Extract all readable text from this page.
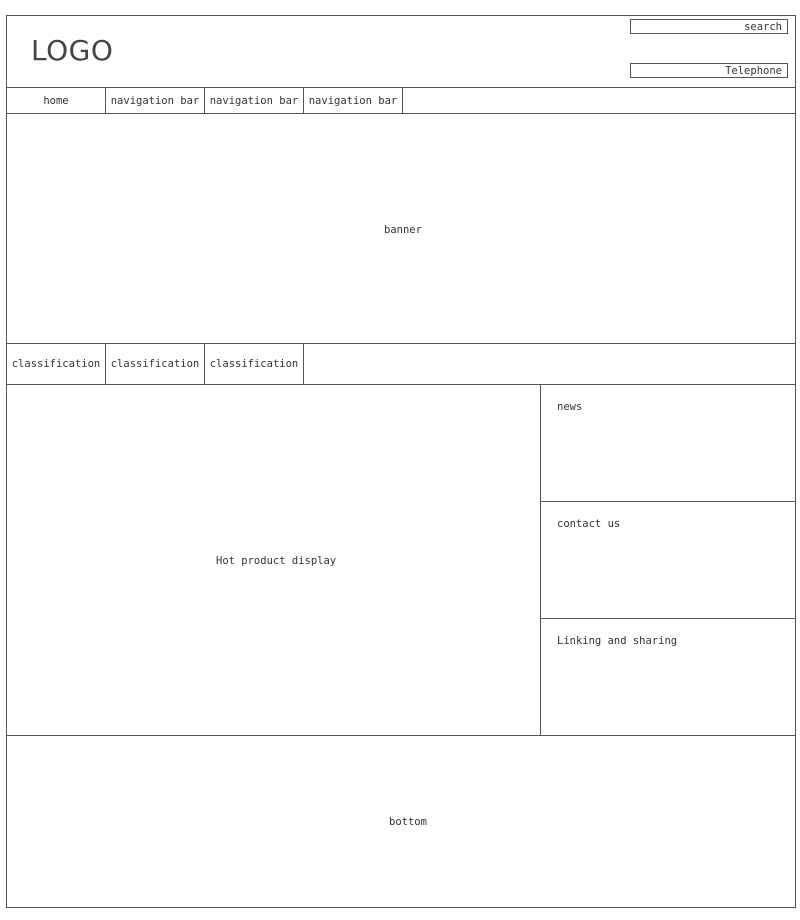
LOGO
search
Telephone
home	navigation bar navigation bar navigation bar
banner
classification classification classification
Hot product display
news
contact us
Linking and sharing
bottom
